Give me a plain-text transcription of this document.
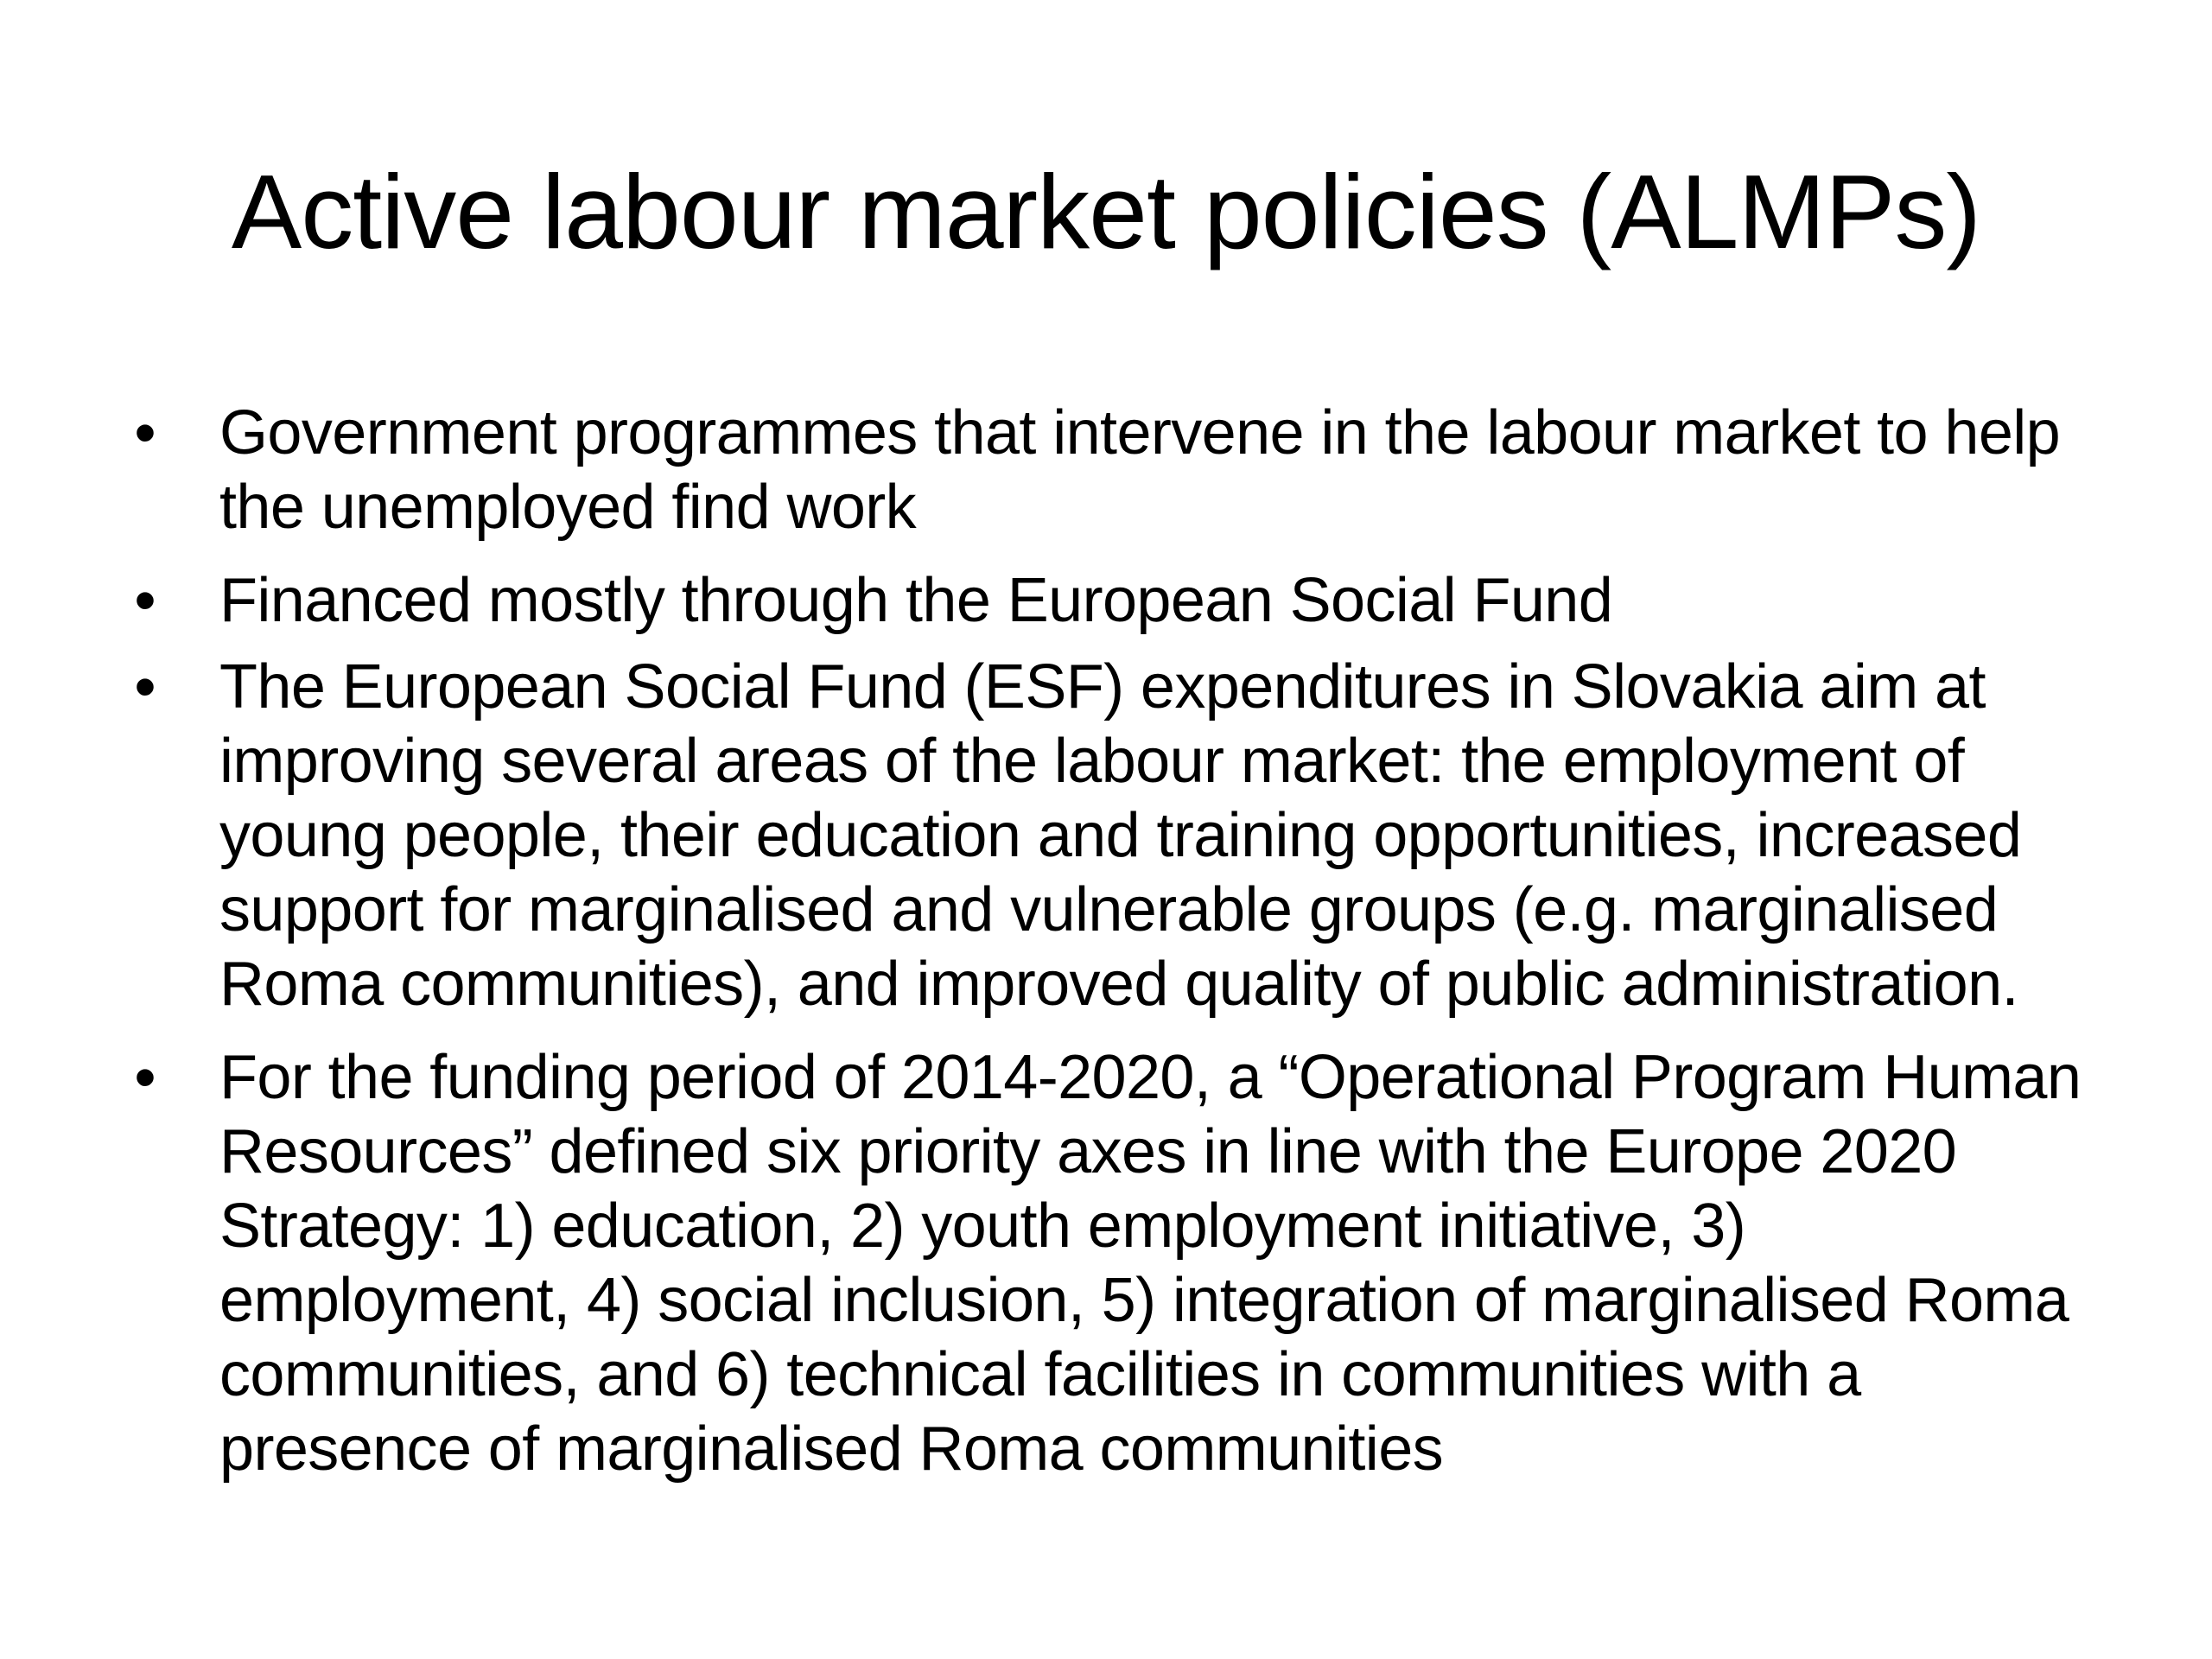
Active labour market policies (ALMPs)
• Government programmes that intervene in the labour market to help the unemployed find work
• Financed mostly through the European Social Fund
• The European Social Fund (ESF) expenditures in Slovakia aim at improving several areas of the labour market: the employment of young people, their education and training opportunities, increased support for marginalised and vulnerable groups (e.g. marginalised Roma communities), and improved quality of public administration.
• For the funding period of 2014-2020, a “Operational Program Human Resources” defined six priority axes in line with the Europe 2020 Strategy: 1) education, 2) youth employment initiative, 3) employment, 4) social inclusion, 5) integration of marginalised Roma communities, and 6) technical facilities in communities with a presence of marginalised Roma communities
